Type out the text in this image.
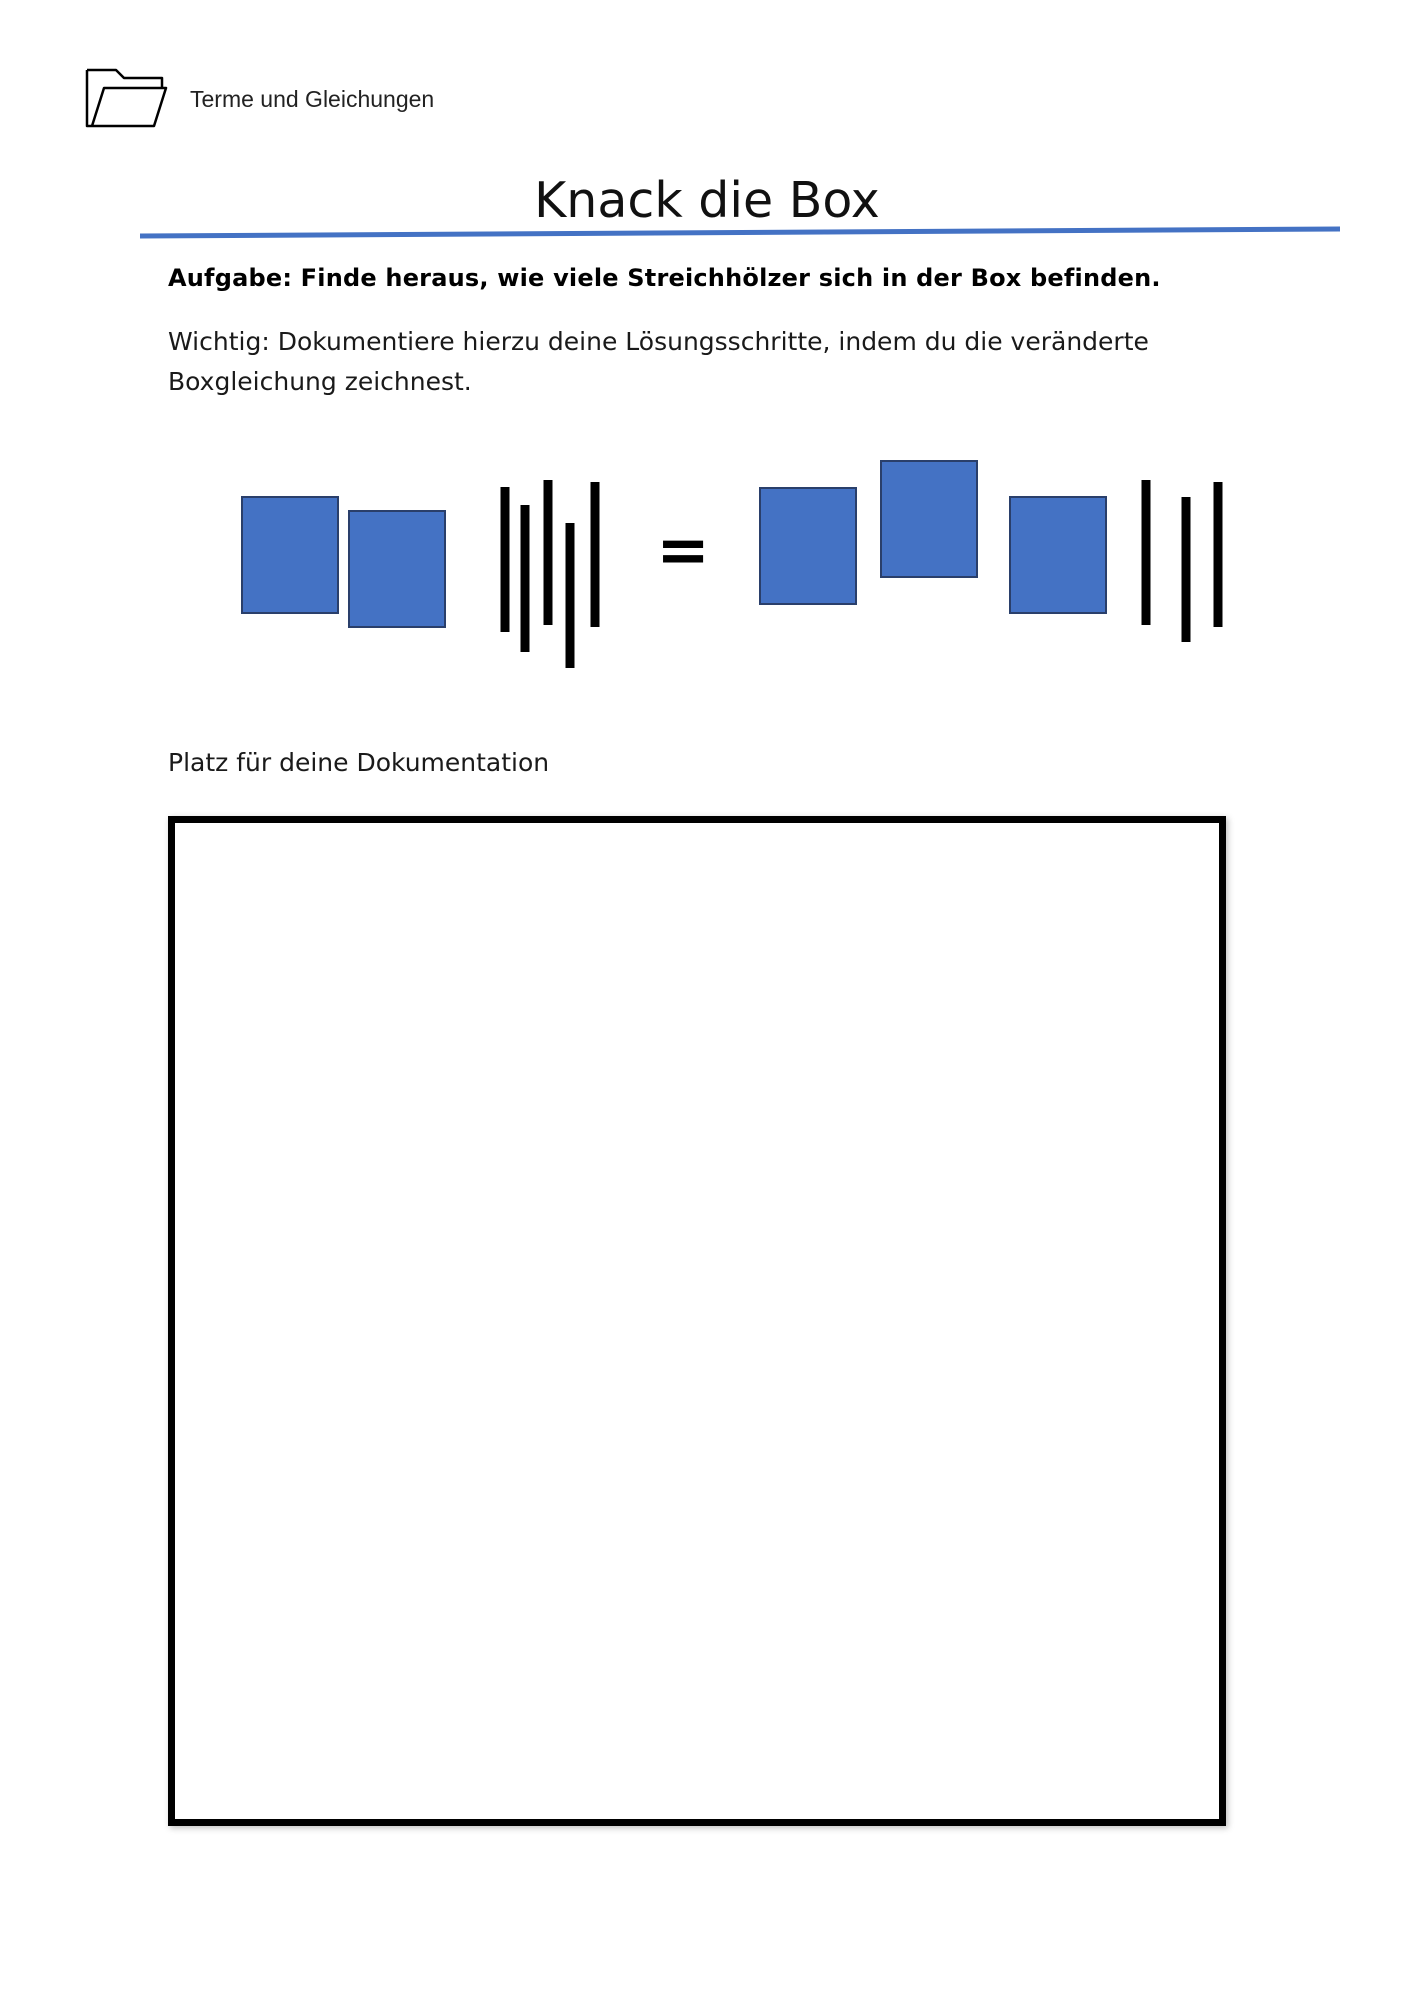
Terme und Gleichungen
Knack die Box
Aufgabe: Finde heraus, wie viele Streichhölzer sich in der Box befinden.
Wichtig: Dokumentiere hierzu deine Lösungsschritte, indem du die veränderte Boxgleichung zeichnest.
=
Platz für deine Dokumentation
